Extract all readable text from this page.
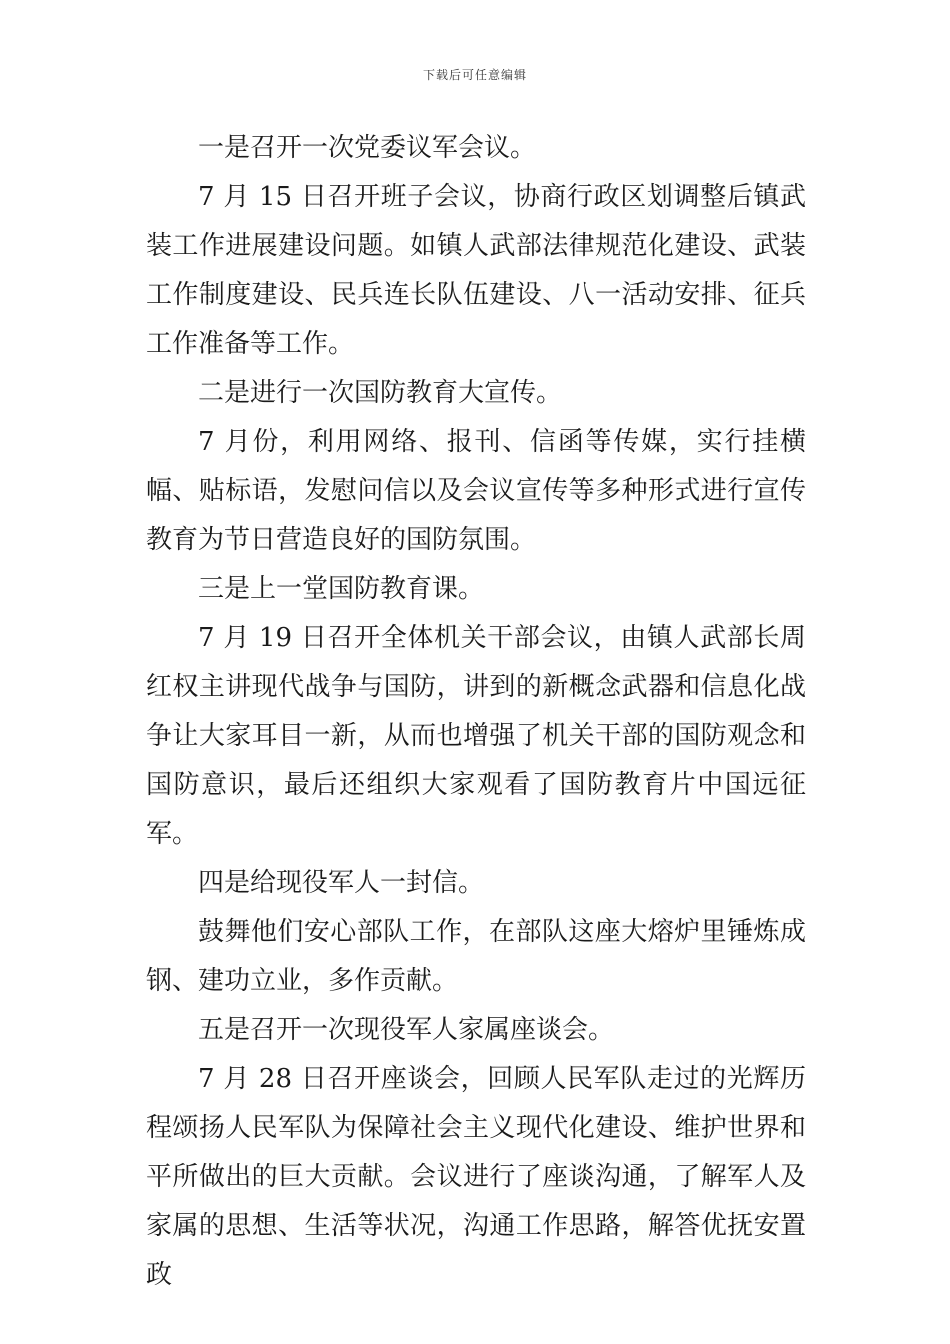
下载后可任意编辑

一是召开一次党委议军会议。

7 月 15 日召开班子会议，协商行政区划调整后镇武装工作进展建设问题。如镇人武部法律规范化建设、武装工作制度建设、民兵连长队伍建设、八一活动安排、征兵工作准备等工作。

二是进行一次国防教育大宣传。

7 月份，利用网络、报刊、信函等传媒，实行挂横幅、贴标语，发慰问信以及会议宣传等多种形式进行宣传教育为节日营造良好的国防氛围。

三是上一堂国防教育课。

7 月 19 日召开全体机关干部会议，由镇人武部长周红权主讲现代战争与国防，讲到的新概念武器和信息化战争让大家耳目一新，从而也增强了机关干部的国防观念和国防意识，最后还组织大家观看了国防教育片中国远征军。

四是给现役军人一封信。

鼓舞他们安心部队工作，在部队这座大熔炉里锤炼成钢、建功立业，多作贡献。

五是召开一次现役军人家属座谈会。

7 月 28 日召开座谈会，回顾人民军队走过的光辉历程颂扬人民军队为保障社会主义现代化建设、维护世界和平所做出的巨大贡献。会议进行了座谈沟通，了解军人及家属的思想、生活等状况，沟通工作思路，解答优抚安置政
